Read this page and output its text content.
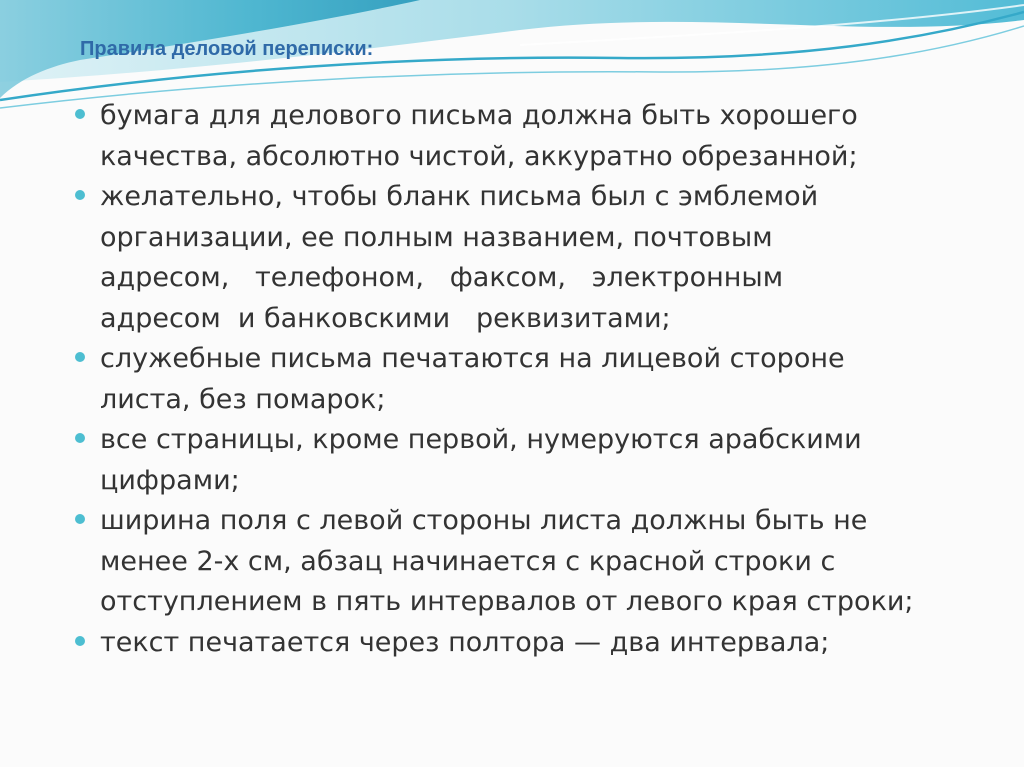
Правила деловой переписки:
бумага для делового письма должна быть хорошего
качества, абсолютно чистой, аккуратно обрезанной;
желательно, чтобы бланк письма был с эмблемой
организации, ее полным названием, почтовым
адресом,   телефоном,   факсом,   электронным
адресом  и банковскими   реквизитами;
служебные письма печатаются на лицевой стороне
листа, без помарок;
все страницы, кроме первой, нумеруются арабскими
цифрами;
ширина поля с левой стороны листа должны быть не
менее 2-х см, абзац начинается с красной строки с
отступлением в пять интервалов от левого края строки;
текст печатается через полтора — два интервала;
